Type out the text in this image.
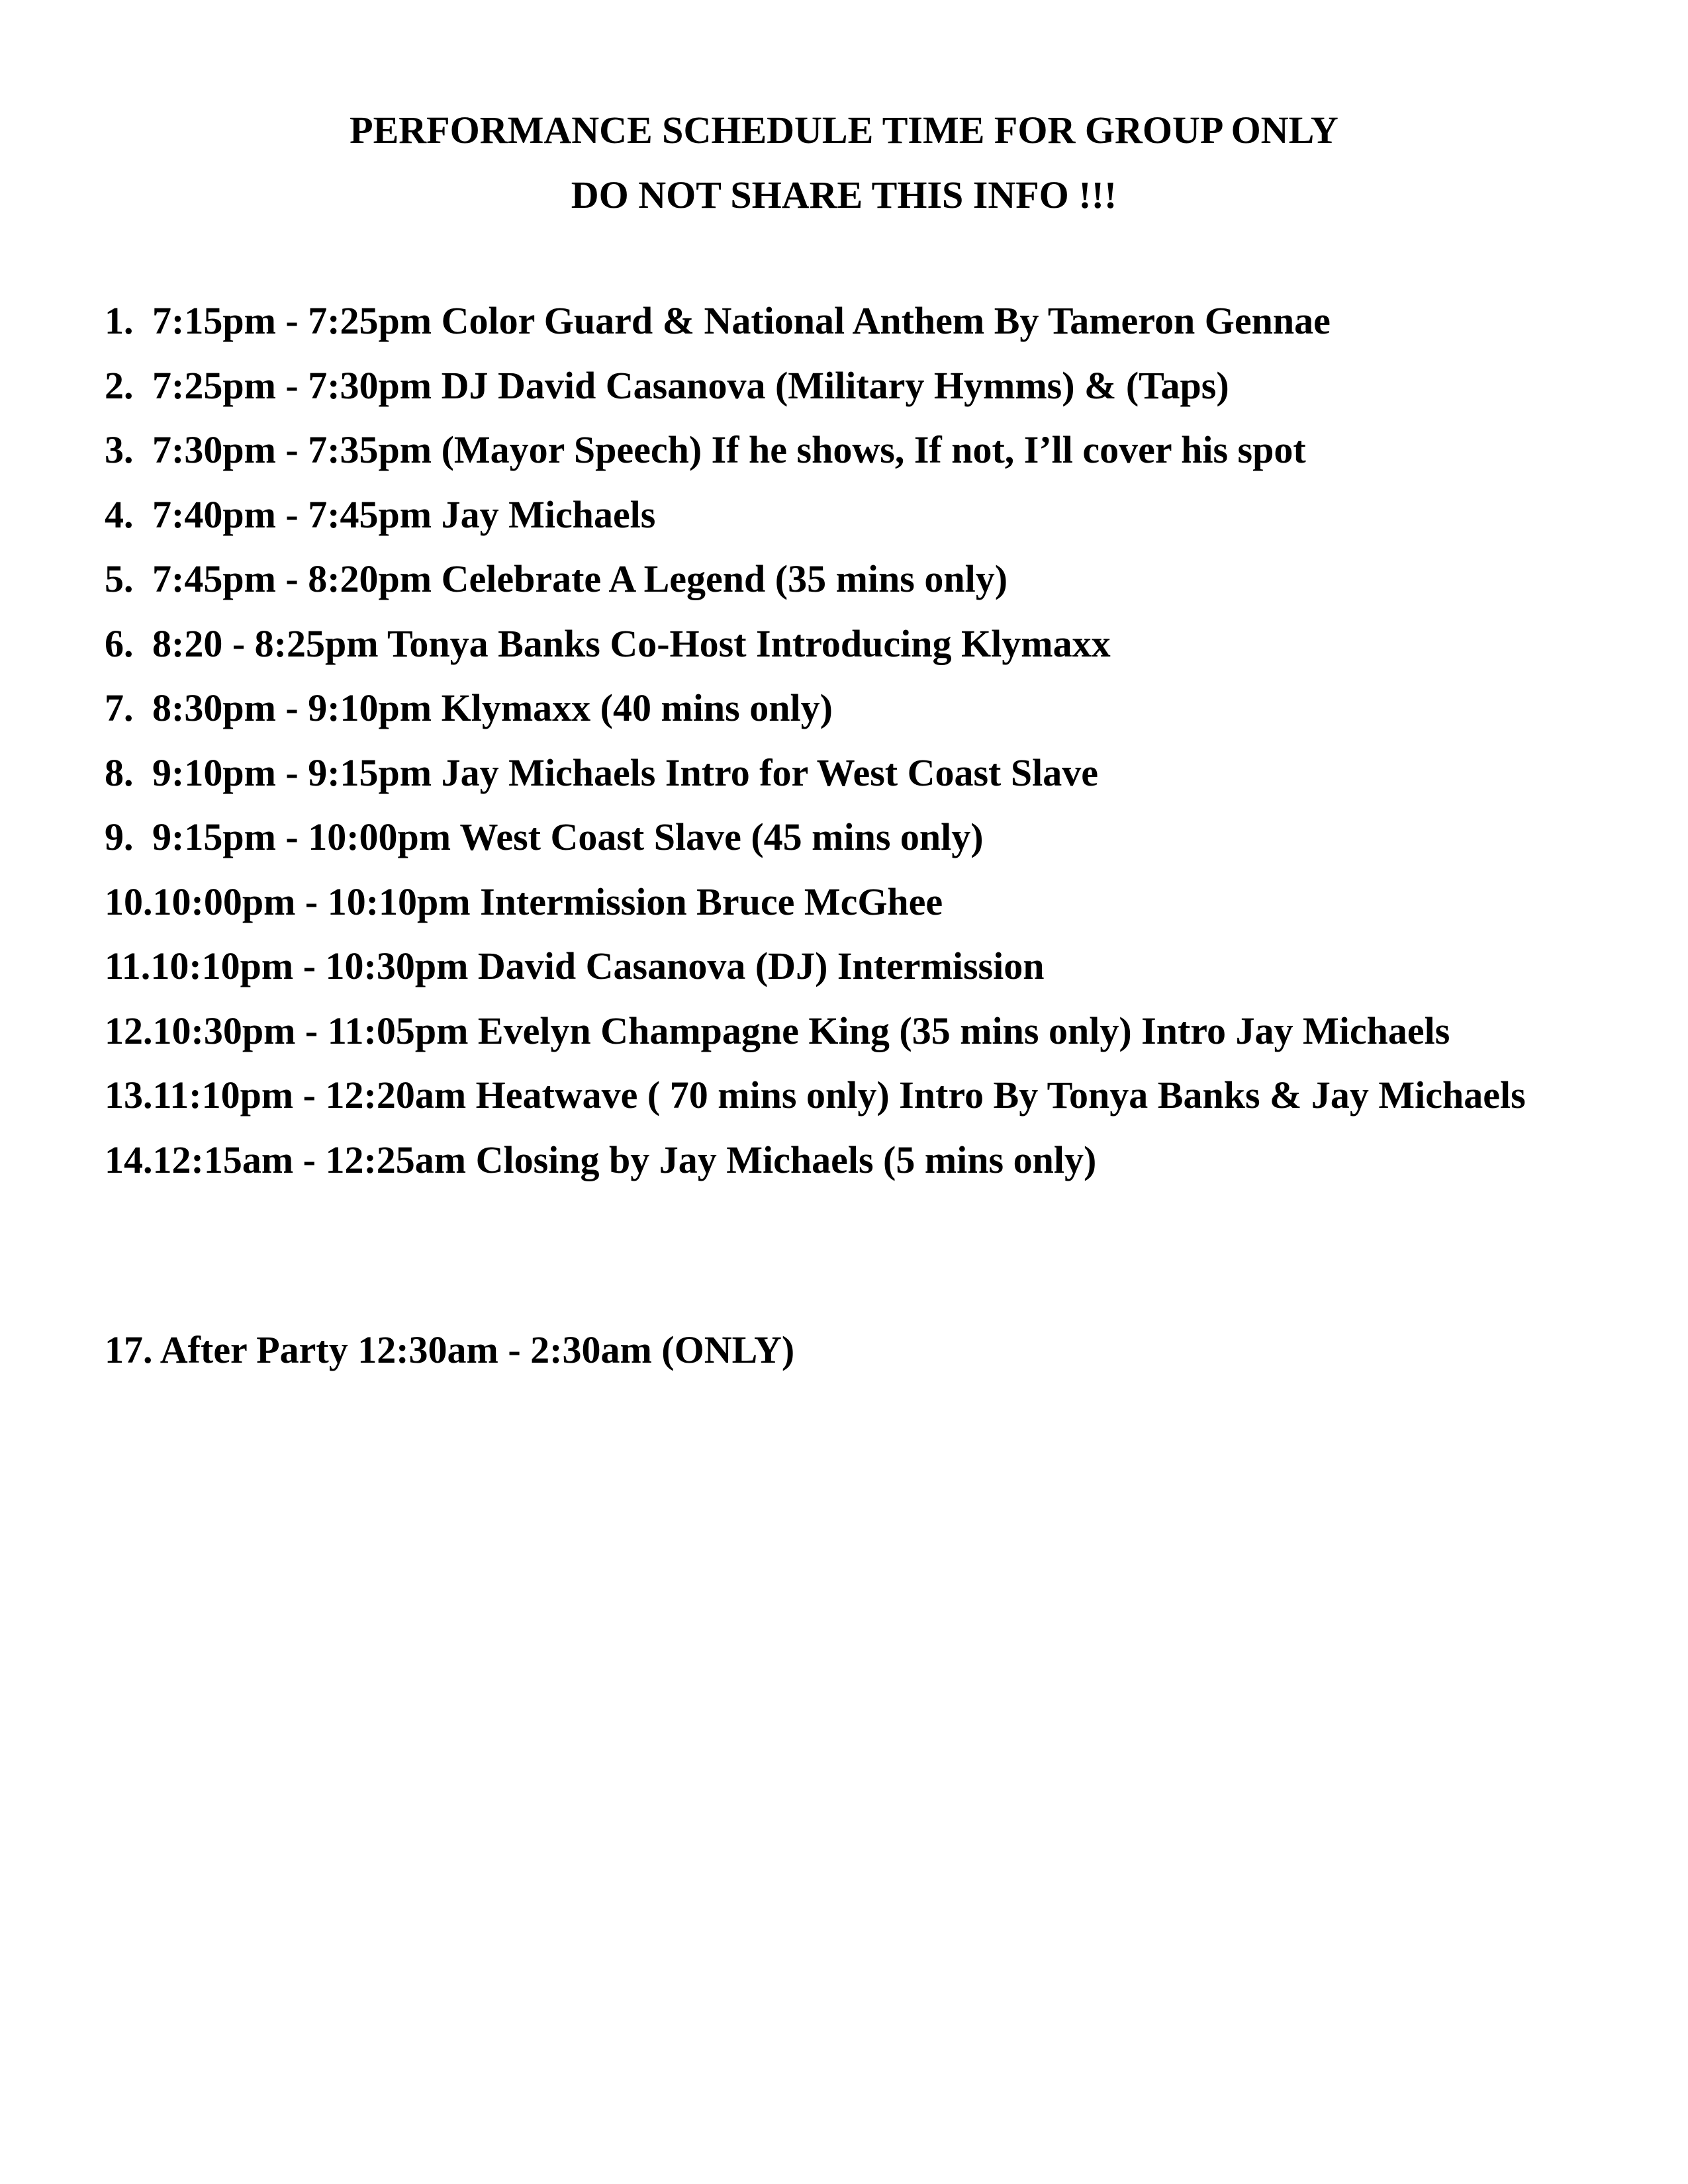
PERFORMANCE SCHEDULE TIME FOR GROUP ONLY
DO NOT SHARE THIS INFO !!!
1. 7:15pm - 7:25pm Color Guard & National Anthem By Tameron Gennae
2. 7:25pm - 7:30pm DJ David Casanova (Military Hymms) & (Taps)
3. 7:30pm - 7:35pm (Mayor Speech) If he shows, If not, I’ll cover his spot
4. 7:40pm - 7:45pm Jay Michaels
5. 7:45pm - 8:20pm Celebrate A Legend (35 mins only)
6. 8:20 - 8:25pm Tonya Banks Co-Host Introducing Klymaxx
7. 8:30pm - 9:10pm Klymaxx (40 mins only)
8. 9:10pm - 9:15pm Jay Michaels Intro for West Coast Slave
9. 9:15pm - 10:00pm West Coast Slave (45 mins only)
10. 10:00pm - 10:10pm Intermission Bruce McGhee
11. 10:10pm - 10:30pm David Casanova (DJ) Intermission
12. 10:30pm - 11:05pm Evelyn Champagne King (35 mins only) Intro Jay Michaels
13. 11:10pm - 12:20am Heatwave ( 70 mins only) Intro By Tonya Banks & Jay Michaels
14. 12:15am - 12:25am Closing by Jay Michaels (5 mins only)
17. After Party 12:30am - 2:30am (ONLY)
